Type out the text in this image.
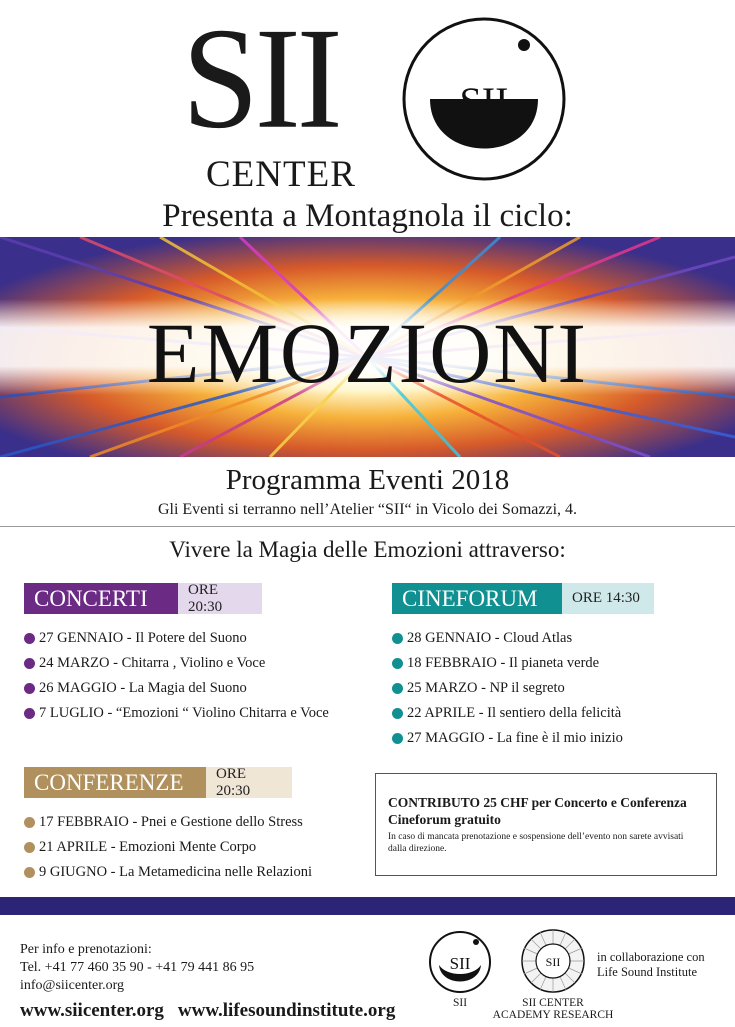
SII
CENTER
SII
Presenta a Montagnola il ciclo:
EMOZIONI
Programma Eventi 2018
Gli Eventi si terranno nell’Atelier “SII“ in Vicolo dei Somazzi, 4.
Vivere la Magia delle Emozioni attraverso:
CONCERTI	ORE 20:30
27 GENNAIO - Il Potere del Suono
24 MARZO - Chitarra , Violino e Voce
26 MAGGIO - La Magia del Suono
7 LUGLIO - “Emozioni “ Violino Chitarra e Voce
CINEFORUM	ORE 14:30
28 GENNAIO - Cloud Atlas
18 FEBBRAIO - Il pianeta verde
25 MARZO - NP il segreto
22 APRILE - Il sentiero della felicità
27 MAGGIO - La fine è il mio inizio
CONFERENZE	ORE 20:30
17 FEBBRAIO - Pnei e Gestione dello Stress
21 APRILE - Emozioni Mente Corpo
9 GIUGNO - La Metamedicina nelle Relazioni
CONTRIBUTO 25 CHF per Concerto e Conferenza
Cineforum gratuito
In caso di mancata prenotazione e sospensione dell’evento non sarete avvisati dalla direzione.
Per info e prenotazioni:
Tel. +41 77 460 35 90 - +41 79 441 86 95
info@siicenter.org
www.siicenter.org www.lifesoundinstitute.org
SII
SII
SII
SII CENTER
ACADEMY RESEARCH
in collaborazione con
Life Sound Institute
